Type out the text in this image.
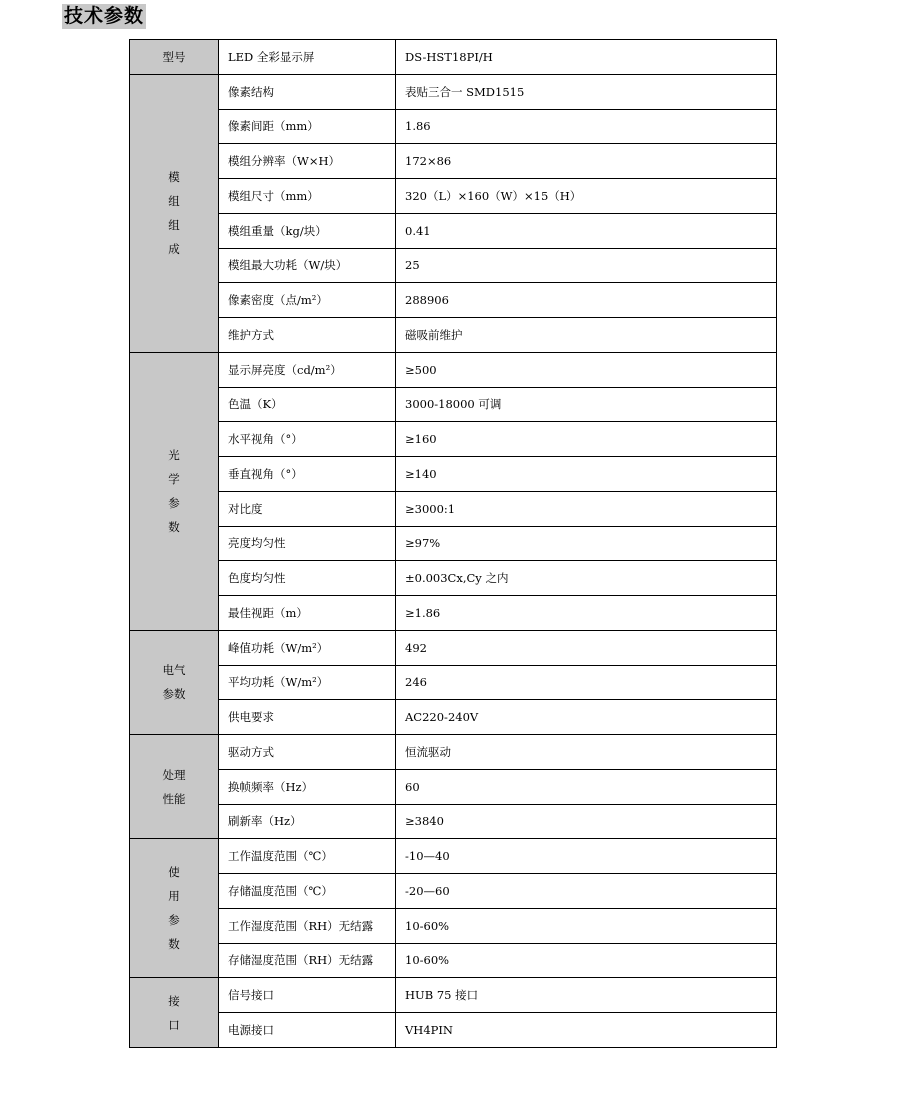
技术参数
型号	LED 全彩显示屏	DS-HST18PI/H
模
组
组
成	像素结构	表贴三合一 SMD1515
	像素间距（mm）	1.86
	模组分辨率（W×H）	172×86
	模组尺寸（mm）	320（L）×160（W）×15（H）
	模组重量（kg/块）	0.41
	模组最大功耗（W/块）	25
	像素密度（点/m²）	288906
	维护方式	磁吸前维护
光
学
参
数	显示屏亮度（cd/m²）	≥500
	色温（K）	3000-18000 可调
	水平视角（°）	≥160
	垂直视角（°）	≥140
	对比度	≥3000:1
	亮度均匀性	≥97%
	色度均匀性	±0.003Cx,Cy 之内
	最佳视距（m）	≥1.86
电气
参数	峰值功耗（W/m²）	492
	平均功耗（W/m²）	246
	供电要求	AC220-240V
处理
性能	驱动方式	恒流驱动
	换帧频率（Hz）	60
	刷新率（Hz）	≥3840
使
用
参
数	工作温度范围（℃）	-10—40
	存储温度范围（℃）	-20—60
	工作湿度范围（RH）无结露	10-60%
	存储湿度范围（RH）无结露	10-60%
接
口	信号接口	HUB 75 接口
	电源接口	VH4PIN
